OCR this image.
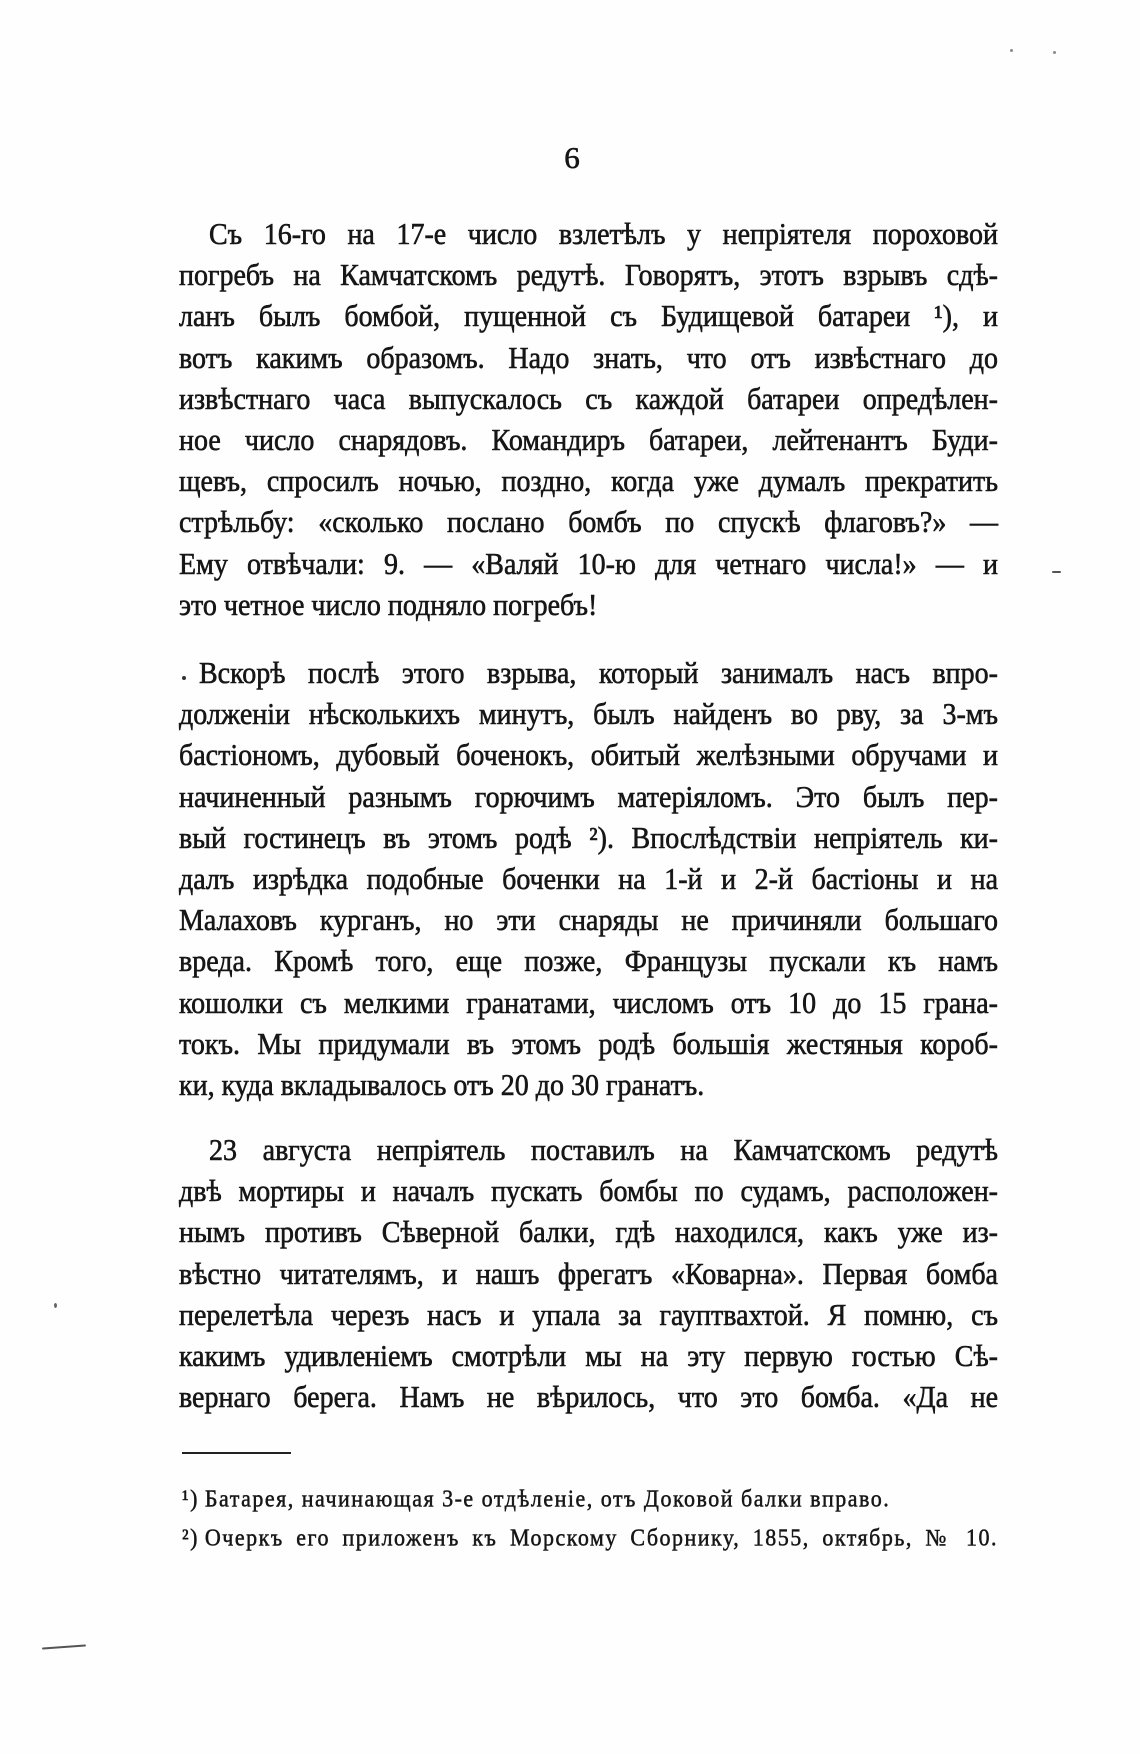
6
Съ 16-го на 17-е число взлетѣлъ у непріятеля пороховой
погребъ на Камчатскомъ редутѣ. Говорятъ, этотъ взрывъ сдѣ-
ланъ былъ бомбой, пущенной съ Будищевой батареи ¹), и
вотъ какимъ образомъ. Надо знать, что отъ извѣстнаго до
извѣстнаго часа выпускалось съ каждой батареи опредѣлен-
ное число снарядовъ. Командиръ батареи, лейтенантъ Буди-
щевъ, спросилъ ночью, поздно, когда уже думалъ прекратить
стрѣльбу: «сколько послано бомбъ по спускѣ флаговъ?» —
Ему отвѣчали: 9. — «Валяй 10-ю для четнаго числа!» — и
это четное число подняло погребъ!
Вскорѣ послѣ этого взрыва, который занималъ насъ впро-
долженіи нѣсколькихъ минутъ, былъ найденъ во рву, за 3-мъ
бастіономъ, дубовый боченокъ, обитый желѣзными обручами и
начиненный разнымъ горючимъ матеріяломъ. Это былъ пер-
вый гостинецъ въ этомъ родѣ ²). Впослѣдствіи непріятель ки-
далъ изрѣдка подобные боченки на 1-й и 2-й бастіоны и на
Малаховъ курганъ, но эти снаряды не причиняли большаго
вреда. Кромѣ того, еще позже, Французы пускали къ намъ
кошолки съ мелкими гранатами, числомъ отъ 10 до 15 грана-
токъ. Мы придумали въ этомъ родѣ большія жестяныя короб-
ки, куда вкладывалось отъ 20 до 30 гранатъ.
23 августа непріятель поставилъ на Камчатскомъ редутѣ
двѣ мортиры и началъ пускать бомбы по судамъ, расположен-
нымъ противъ Сѣверной балки, гдѣ находился, какъ уже из-
вѣстно читателямъ, и нашъ фрегатъ «Коварна». Первая бомба
перелетѣла черезъ насъ и упала за гауптвахтой. Я помню, съ
какимъ удивленіемъ смотрѣли мы на эту первую гостью Сѣ-
вернаго берега. Намъ не вѣрилось, что это бомба. «Да не
¹) Батарея, начинающая 3-е отдѣленіе, отъ Доковой балки вправо.
²) Очеркъ его приложенъ къ Морскому Сборнику, 1855, октябрь, № 10.
